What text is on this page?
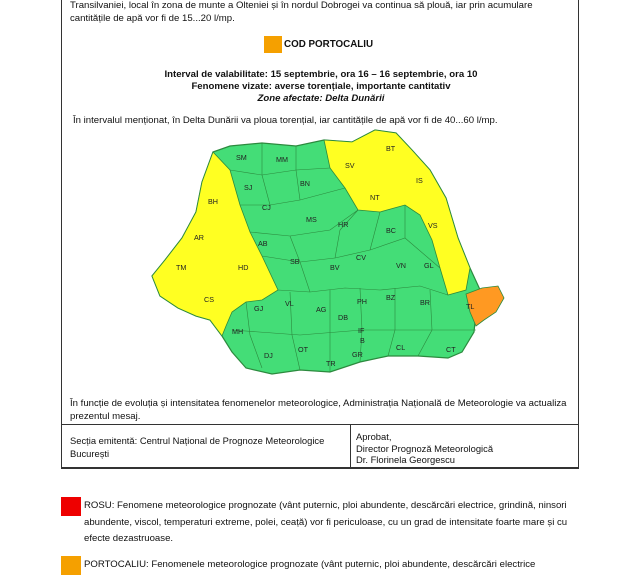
Transilvaniei, local în zona de munte a Olteniei și în nordul Dobrogei va continua să plouă, iar prin acumulare cantitățile de apă vor fi de 15...20 l/mp.
COD PORTOCALIU
Interval de valabilitate: 15 septembrie, ora 16 – 16 septembrie, ora 10
Fenomene vizate: averse torențiale, importante cantitativ
Zone afectate: Delta Dunării
În intervalul menționat, în Delta Dunării va ploua torențial, iar cantitățile de apă vor fi de 40...60 l/mp.
SM	MM
BT
SV
BH
SJ	BN	IS
CJ
NT
MS
HR
BC
VS
AR
AB
SB
BV
CV
VN	GL
TM	HD
CS
MH
GJ
VL
AG
PH	BZ
BR	TL
DB
IF
B
CL	CT
DJ
OT
TR
GR
În funcție de evoluția și intensitatea fenomenelor meteorologice, Administrația Națională de Meteorologie va actualiza prezentul mesaj.
Secția emitentă: Centrul Național de Prognoze Meteorologice București
Aprobat,
Director Prognoză Meteorologică
Dr. Florinela Georgescu
ROSU: Fenomene meteorologice prognozate (vânt puternic, ploi abundente, descărcări electrice, grindină, ninsori abundente, viscol, temperaturi extreme, polei, ceață) vor fi periculoase, cu un grad de intensitate foarte mare și cu efecte dezastruoase.
PORTOCALIU: Fenomenele meteorologice prognozate (vânt puternic, ploi abundente, descărcări electrice
